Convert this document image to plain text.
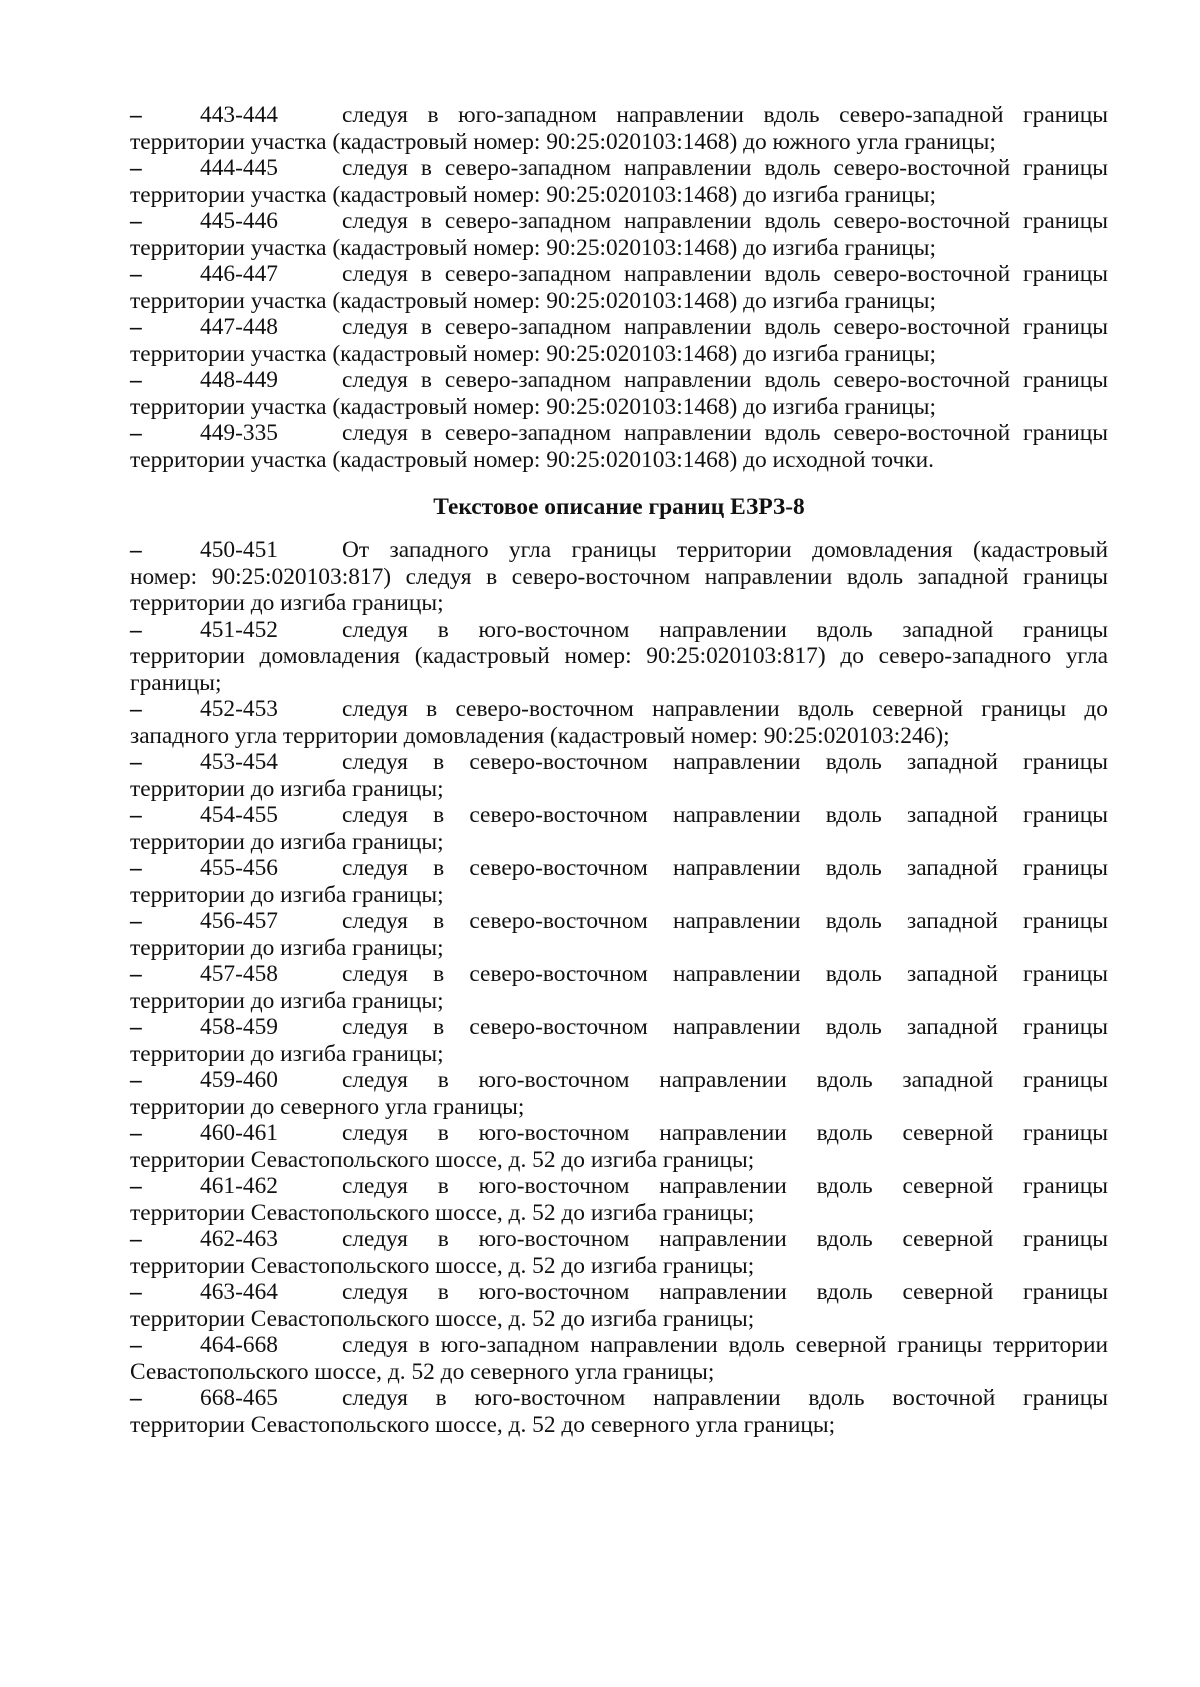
–	443-444	следуя в юго-западном направлении вдоль северо-западной границы
территории участка (кадастровый номер: 90:25:020103:1468) до южного угла границы;
–	444-445	следуя в северо-западном направлении вдоль северо-восточной границы
территории участка (кадастровый номер: 90:25:020103:1468) до изгиба границы;
–	445-446	следуя в северо-западном направлении вдоль северо-восточной границы
территории участка (кадастровый номер: 90:25:020103:1468) до изгиба границы;
–	446-447	следуя в северо-западном направлении вдоль северо-восточной границы
территории участка (кадастровый номер: 90:25:020103:1468) до изгиба границы;
–	447-448	следуя в северо-западном направлении вдоль северо-восточной границы
территории участка (кадастровый номер: 90:25:020103:1468) до изгиба границы;
–	448-449	следуя в северо-западном направлении вдоль северо-восточной границы
территории участка (кадастровый номер: 90:25:020103:1468) до изгиба границы;
–	449-335	следуя в северо-западном направлении вдоль северо-восточной границы
территории участка (кадастровый номер: 90:25:020103:1468) до исходной точки.
Текстовое описание границ ЕЗРЗ-8
–	450-451	От западного угла границы территории домовладения (кадастровый
номер: 90:25:020103:817) следуя в северо-восточном направлении вдоль западной границы
территории до изгиба границы;
–	451-452	следуя в юго-восточном направлении вдоль западной границы
территории домовладения (кадастровый номер: 90:25:020103:817) до северо-западного угла
границы;
–	452-453	следуя в северо-восточном направлении вдоль северной границы до
западного угла территории домовладения (кадастровый номер: 90:25:020103:246);
–	453-454	следуя в северо-восточном направлении вдоль западной границы
территории до изгиба границы;
–	454-455	следуя в северо-восточном направлении вдоль западной границы
территории до изгиба границы;
–	455-456	следуя в северо-восточном направлении вдоль западной границы
территории до изгиба границы;
–	456-457	следуя в северо-восточном направлении вдоль западной границы
территории до изгиба границы;
–	457-458	следуя в северо-восточном направлении вдоль западной границы
территории до изгиба границы;
–	458-459	следуя в северо-восточном направлении вдоль западной границы
территории до изгиба границы;
–	459-460	следуя в юго-восточном направлении вдоль западной границы
территории до северного угла границы;
–	460-461	следуя в юго-восточном направлении вдоль северной границы
территории Севастопольского шоссе, д. 52 до изгиба границы;
–	461-462	следуя в юго-восточном направлении вдоль северной границы
территории Севастопольского шоссе, д. 52 до изгиба границы;
–	462-463	следуя в юго-восточном направлении вдоль северной границы
территории Севастопольского шоссе, д. 52 до изгиба границы;
–	463-464	следуя в юго-восточном направлении вдоль северной границы
территории Севастопольского шоссе, д. 52 до изгиба границы;
–	464-668	следуя в юго-западном направлении вдоль северной границы территории
Севастопольского шоссе, д. 52 до северного угла границы;
–	668-465	следуя в юго-восточном направлении вдоль восточной границы
территории Севастопольского шоссе, д. 52 до северного угла границы;
